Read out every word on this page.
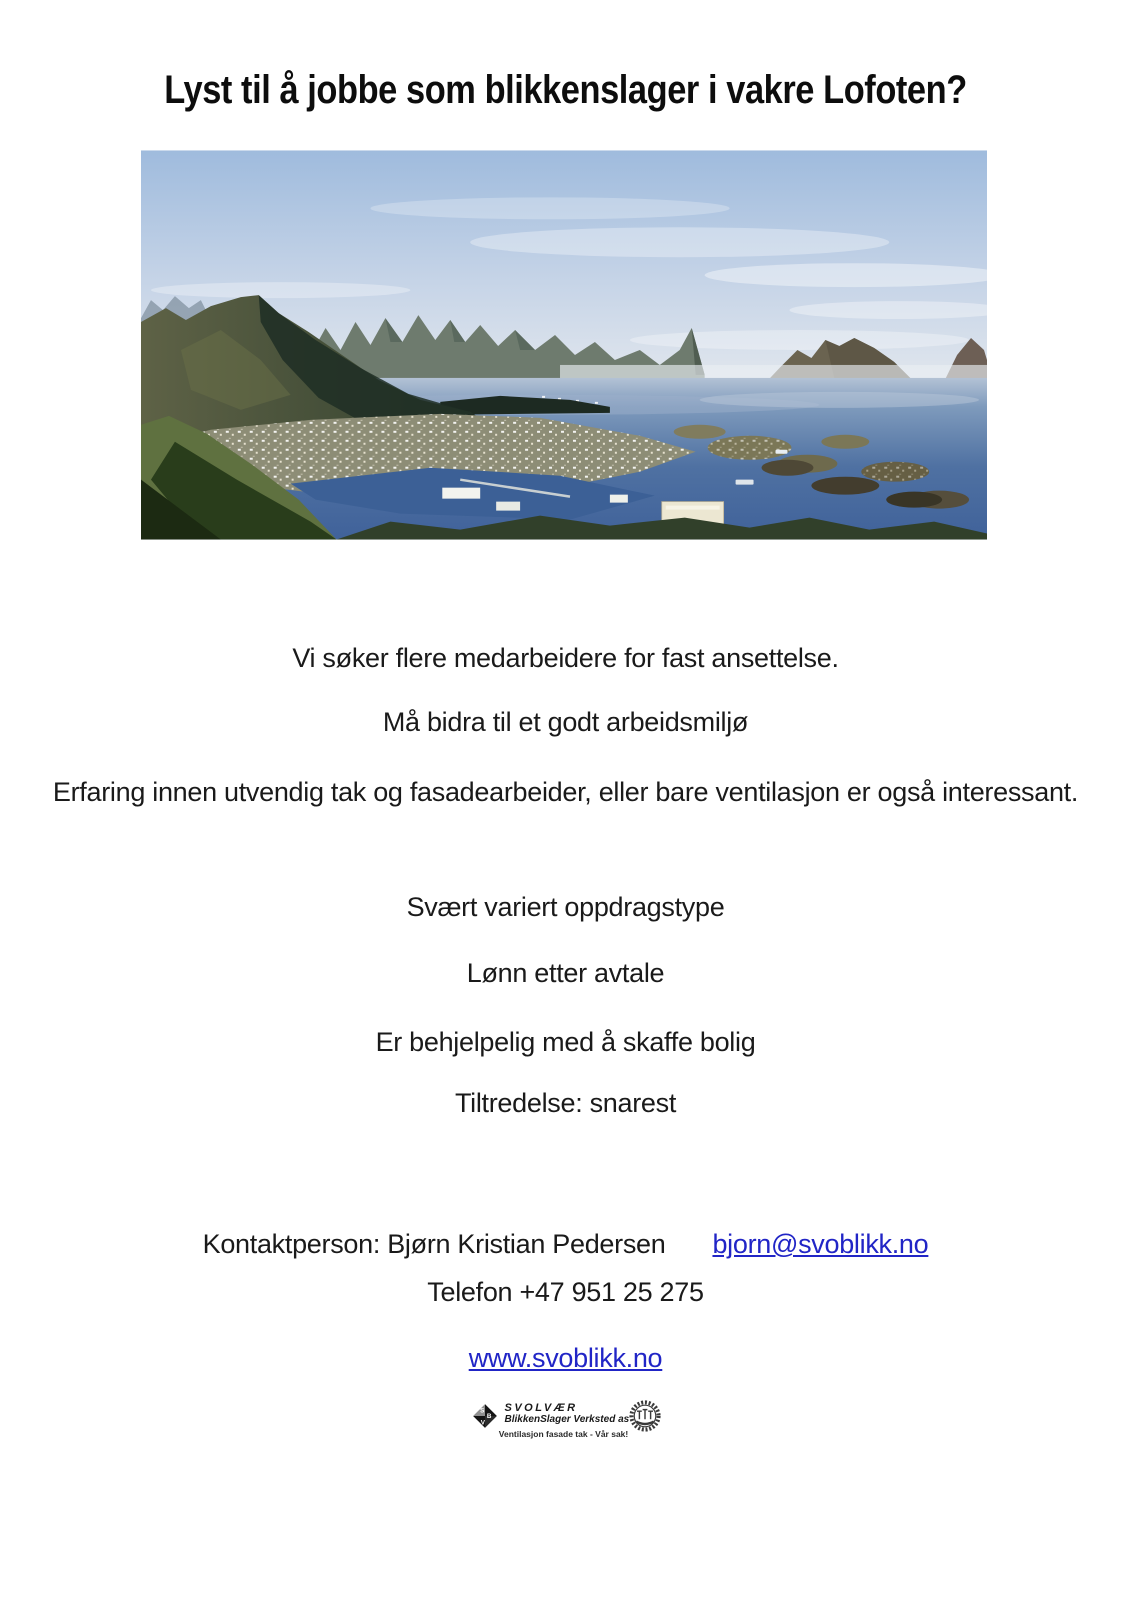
Lyst til å jobbe som blikkenslager i vakre Lofoten?
Vi søker flere medarbeidere for fast ansettelse.
Må bidra til et godt arbeidsmiljø
Erfaring innen utvendig tak og fasadearbeider, eller bare ventilasjon er også interessant.
Svært variert oppdragstype
Lønn etter avtale
Er behjelpelig med å skaffe bolig
Tiltredelse: snarest
Kontaktperson: Bjørn Kristian Pedersen bjorn@svoblikk.no
Telefon +47 951 25 275
www.svoblikk.no
S
B
V
SVOLVÆR
BlikkenSlager Verksted as
Ventilasjon fasade tak - Vår sak!
